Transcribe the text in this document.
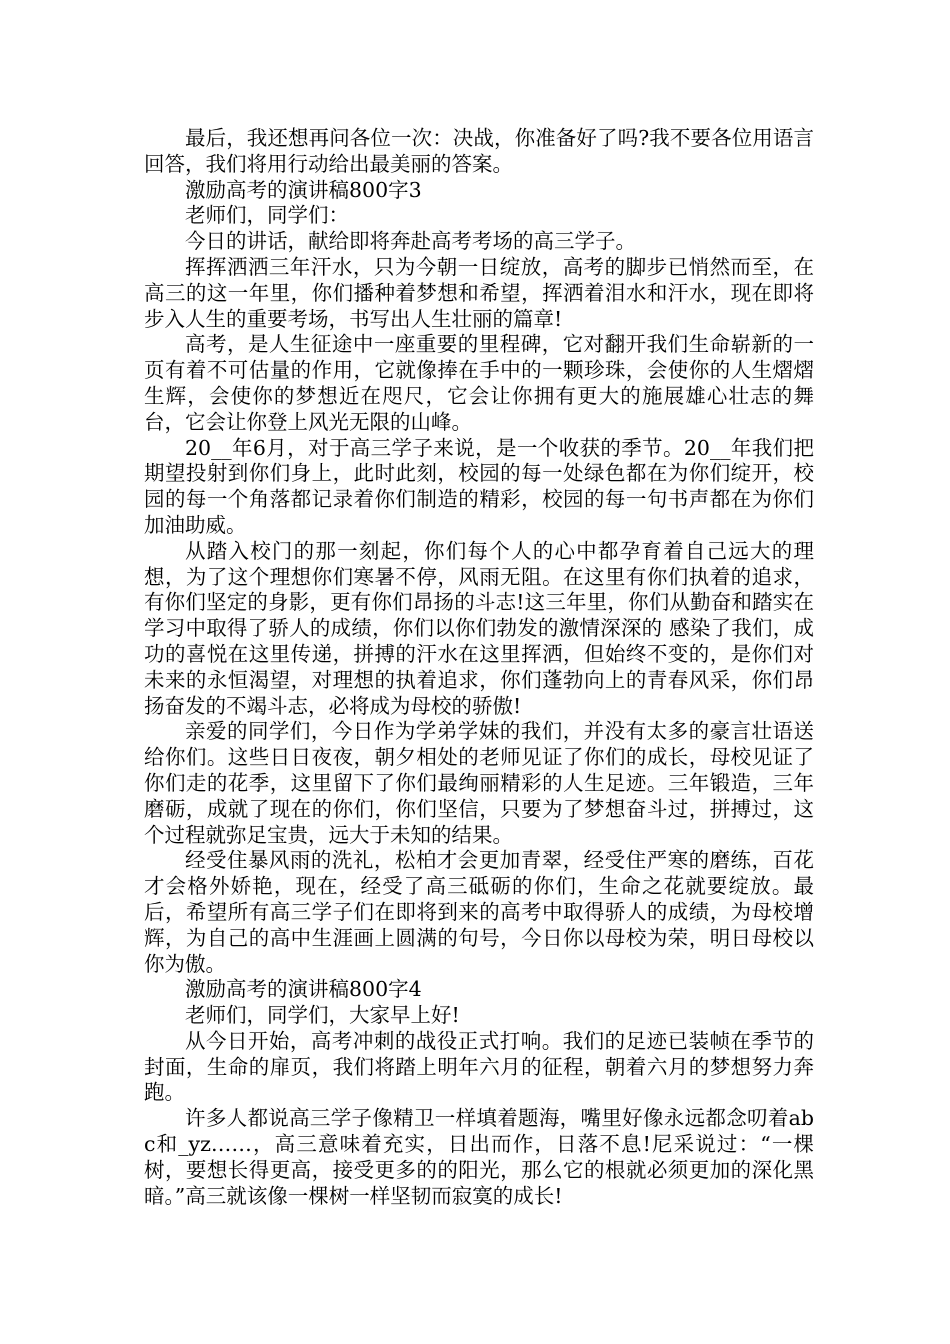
最后，我还想再问各位一次：决战，你准备好了吗?我不要各位用语言回答，我们将用行动给出最美丽的答案。

激励高考的演讲稿800字3

老师们，同学们：

今日的讲话，献给即将奔赴高考考场的高三学子。

挥挥洒洒三年汗水，只为今朝一日绽放，高考的脚步已悄然而至，在高三的这一年里，你们播种着梦想和希望，挥洒着泪水和汗水，现在即将步入人生的重要考场，书写出人生壮丽的篇章!

高考，是人生征途中一座重要的里程碑，它对翻开我们生命崭新的一页有着不可估量的作用，它就像捧在手中的一颗珍珠，会使你的人生熠熠生辉，会使你的梦想近在咫尺，它会让你拥有更大的施展雄心壮志的舞台，它会让你登上风光无限的山峰。

20__年6月，对于高三学子来说，是一个收获的季节。20__年我们把期望投射到你们身上，此时此刻，校园的每一处绿色都在为你们绽开，校园的每一个角落都记录着你们制造的精彩，校园的每一句书声都在为你们加油助威。

从踏入校门的那一刻起，你们每个人的心中都孕育着自己远大的理想，为了这个理想你们寒暑不停，风雨无阻。在这里有你们执着的追求，有你们坚定的身影，更有你们昂扬的斗志!这三年里，你们从勤奋和踏实在学习中取得了骄人的成绩，你们以你们勃发的激情深深的 感染了我们，成功的喜悦在这里传递，拼搏的汗水在这里挥洒，但始终不变的，是你们对未来的永恒渴望，对理想的执着追求，你们蓬勃向上的青春风采，你们昂扬奋发的不竭斗志，必将成为母校的骄傲!

亲爱的同学们，今日作为学弟学妹的我们，并没有太多的豪言壮语送给你们。这些日日夜夜，朝夕相处的老师见证了你们的成长，母校见证了你们走的花季，这里留下了你们最绚丽精彩的人生足迹。三年锻造，三年磨砺，成就了现在的你们，你们坚信，只要为了梦想奋斗过，拼搏过，这个过程就弥足宝贵，远大于未知的结果。

经受住暴风雨的洗礼，松柏才会更加青翠，经受住严寒的磨练，百花才会格外娇艳，现在，经受了高三砥砺的你们，生命之花就要绽放。最后，希望所有高三学子们在即将到来的高考中取得骄人的成绩，为母校增辉，为自己的高中生涯画上圆满的句号，今日你以母校为荣，明日母校以你为傲。

激励高考的演讲稿800字4

老师们，同学们，大家早上好!

从今日开始，高考冲刺的战役正式打响。我们的足迹已装帧在季节的封面，生命的扉页，我们将踏上明年六月的征程，朝着六月的梦想努力奔跑。

许多人都说高三学子像精卫一样填着题海，嘴里好像永远都念叨着abc和_yz……，高三意味着充实，日出而作，日落不息!尼采说过：“一棵树，要想长得更高，接受更多的的阳光，那么它的根就必须更加的深化黑暗。”高三就该像一棵树一样坚韧而寂寞的成长!
